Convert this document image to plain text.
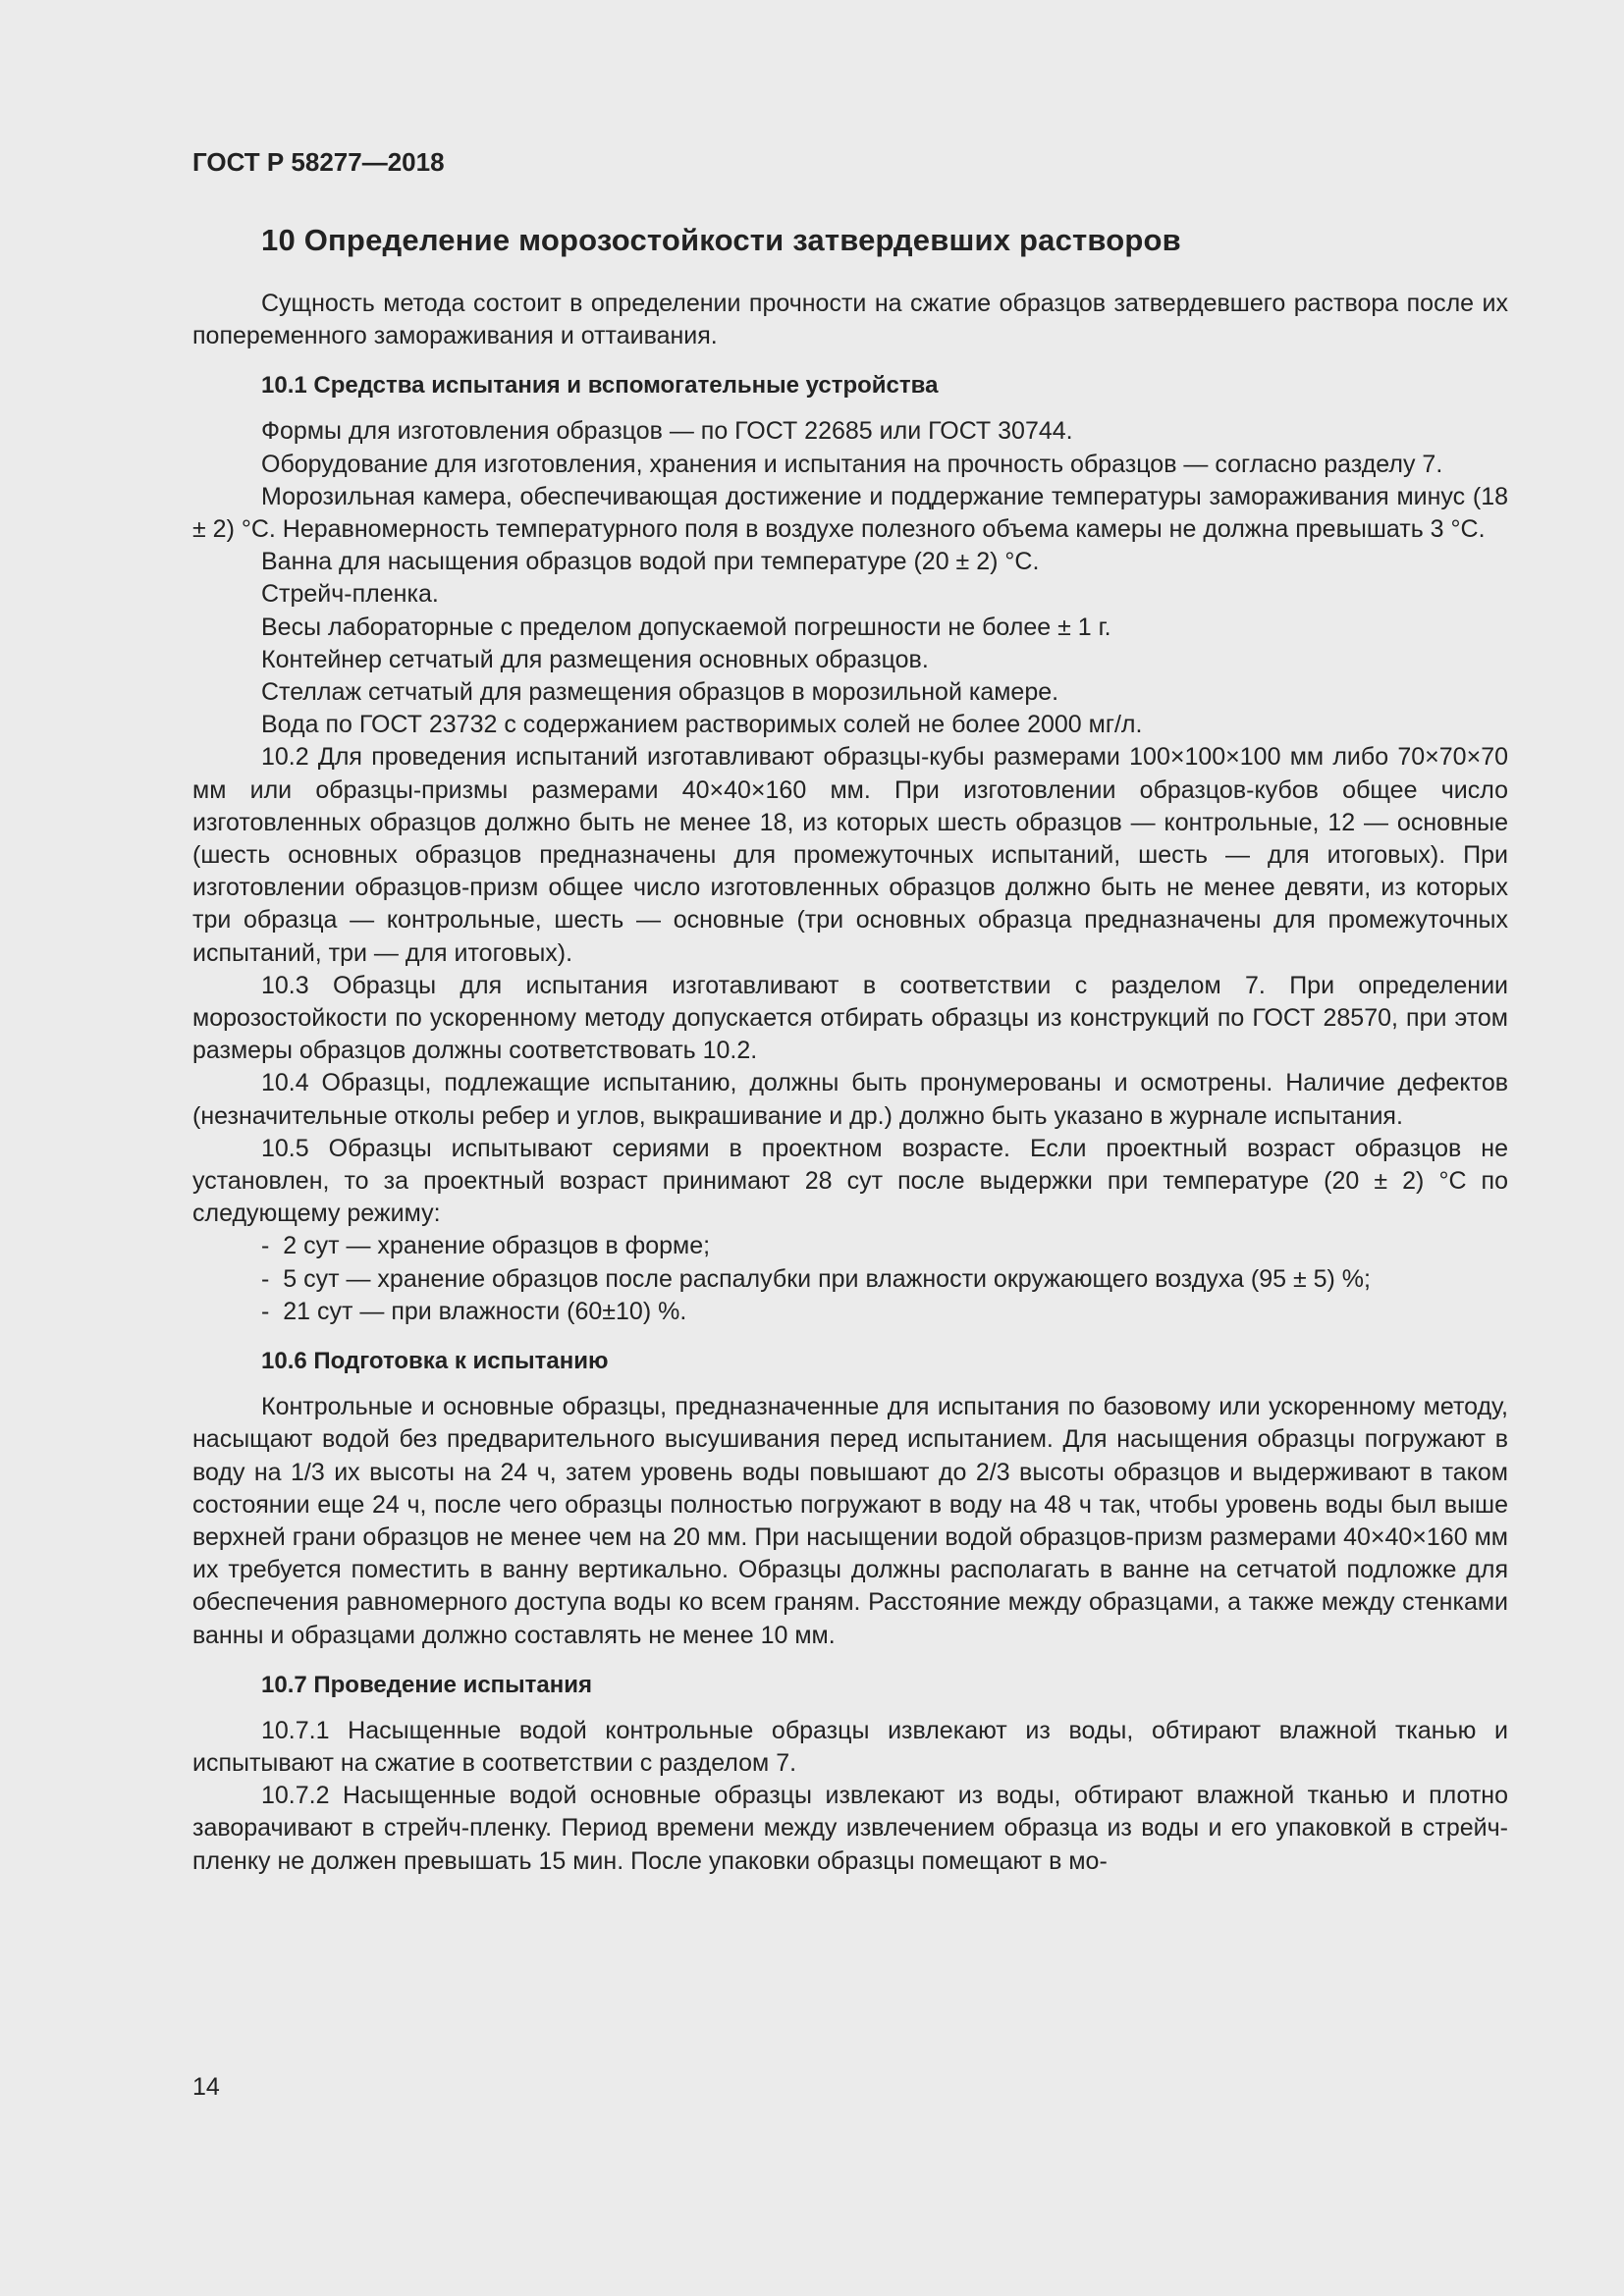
ГОСТ Р 58277—2018
10 Определение морозостойкости затвердевших растворов

Сущность метода состоит в определении прочности на сжатие образцов затвердевшего раствора после их попеременного замораживания и оттаивания.

10.1 Средства испытания и вспомогательные устройства

Формы для изготовления образцов — по ГОСТ 22685 или ГОСТ 30744.

Оборудование для изготовления, хранения и испытания на прочность образцов — согласно разделу 7.

Морозильная камера, обеспечивающая достижение и поддержание температуры замораживания минус (18 ± 2) °С. Неравномерность температурного поля в воздухе полезного объема камеры не должна превышать 3 °С.

Ванна для насыщения образцов водой при температуре (20 ± 2) °С.

Стрейч-пленка.

Весы лабораторные с пределом допускаемой погрешности не более ± 1 г.

Контейнер сетчатый для размещения основных образцов.

Стеллаж сетчатый для размещения образцов в морозильной камере.

Вода по ГОСТ 23732 с содержанием растворимых солей не более 2000 мг/л.

10.2 Для проведения испытаний изготавливают образцы-кубы размерами 100×100×100 мм либо 70×70×70 мм или образцы-призмы размерами 40×40×160 мм. При изготовлении образцов-кубов общее число изготовленных образцов должно быть не менее 18, из которых шесть образцов — контрольные, 12 — основные (шесть основных образцов предназначены для промежуточных испытаний, шесть — для итоговых). При изготовлении образцов-призм общее число изготовленных образцов должно быть не менее девяти, из которых три образца — контрольные, шесть — основные (три основных образца предназначены для промежуточных испытаний, три — для итоговых).

10.3 Образцы для испытания изготавливают в соответствии с разделом 7. При определении морозостойкости по ускоренному методу допускается отбирать образцы из конструкций по ГОСТ 28570, при этом размеры образцов должны соответствовать 10.2.

10.4 Образцы, подлежащие испытанию, должны быть пронумерованы и осмотрены. Наличие дефектов (незначительные отколы ребер и углов, выкрашивание и др.) должно быть указано в журнале испытания.

10.5 Образцы испытывают сериями в проектном возрасте. Если проектный возраст образцов не установлен, то за проектный возраст принимают 28 сут после выдержки при температуре (20 ± 2) °С по следующему режиму:

- 2 сут — хранение образцов в форме;
- 5 сут — хранение образцов после распалубки при влажности окружающего воздуха (95 ± 5) %;
- 21 сут — при влажности (60±10) %.
10.6 Подготовка к испытанию

Контрольные и основные образцы, предназначенные для испытания по базовому или ускоренному методу, насыщают водой без предварительного высушивания перед испытанием. Для насыщения образцы погружают в воду на 1/3 их высоты на 24 ч, затем уровень воды повышают до 2/3 высоты образцов и выдерживают в таком состоянии еще 24 ч, после чего образцы полностью погружают в воду на 48 ч так, чтобы уровень воды был выше верхней грани образцов не менее чем на 20 мм. При насыщении водой образцов-призм размерами 40×40×160 мм их требуется поместить в ванну вертикально. Образцы должны располагать в ванне на сетчатой подложке для обеспечения равномерного доступа воды ко всем граням. Расстояние между образцами, а также между стенками ванны и образцами должно составлять не менее 10 мм.

10.7 Проведение испытания

10.7.1 Насыщенные водой контрольные образцы извлекают из воды, обтирают влажной тканью и испытывают на сжатие в соответствии с разделом 7.

10.7.2 Насыщенные водой основные образцы извлекают из воды, обтирают влажной тканью и плотно заворачивают в стрейч-пленку. Период времени между извлечением образца из воды и его упаковкой в стрейч-пленку не должен превышать 15 мин. После упаковки образцы помещают в мо-

14
